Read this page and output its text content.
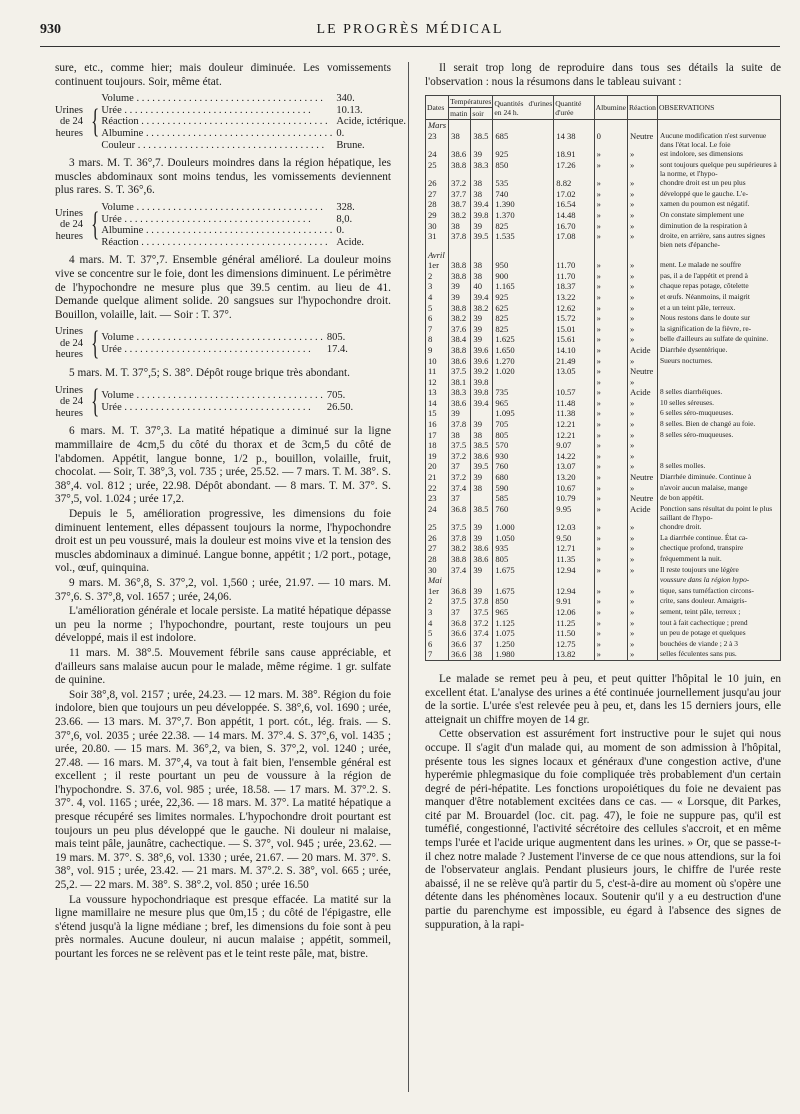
930	LE PROGRÈS MÉDICAL

sure, etc., comme hier; mais douleur diminuée. Les vomissements continuent toujours. Soir, même état.

Urines de 24 heures {
Volume . . .	340.
Urée . . .	10.13.
Réaction . . .	Acide, ictérique.
Albumine . . .	0.
Couleur . . .	Brune.

3 mars. M. T. 36°,7. Douleurs moindres dans la région hépatique, les muscles abdominaux sont moins tendus, les vomissements deviennent plus rares. S. T. 36°,6.

Urines de 24 heures { Volume . . .	328.
Urée . . .	8,0.
Albumine . . .	0.
Réaction . . .	Acide.

4 mars. M. T. 37°,7. Ensemble général amélioré. La douleur moins vive se concentre sur le foie, dont les dimensions diminuent. Le périmètre de l'hypochondre ne mesure plus que 39.5 centim. au lieu de 41. Demande quelque aliment solide. 20 sangsues sur l'hypochondre droit. Bouillon, volaille, lait. — Soir : T. 37°.

Urines de 24 heures { Volume . . .	805.
Urée . . .	17.4.

5 mars. M. T. 37°,5; S. 38°. Dépôt rouge brique très abondant.

Urines de 24 heures { Volume . . .	705.
Urée . . .	26.50.

6 mars. M. T. 37°,3. La matité hépatique a diminué sur la ligne mammillaire de 4cm,5 du côté du thorax et de 3cm,5 du côté de l'abdomen. Appétit, langue bonne, 1/2 p., bouillon, volaille, fruit, chocolat. — Soir, T. 38°,3, vol. 735 ; urée, 25.52. — 7 mars. T. M. 38°. S. 38°,4. vol. 812 ; urée, 22.98. Dépôt abondant. — 8 mars. T. M. 37°. S. 37°,5, vol. 1.024 ; urée 17,2.

Depuis le 5, amélioration progressive, les dimensions du foie diminuent lentement, elles dépassent toujours la norme, l'hypochondre droit est un peu voussuré, mais la douleur est moins vive et la tension des muscles abdominaux a diminué. Langue bonne, appétit ; 1/2 port., potage, vol., œuf, quinquina.

9 mars. M. 36°,8, S. 37°,2, vol. 1,560 ; urée, 21.97. — 10 mars. M. 37°,6. S. 37°,8, vol. 1657 ; urée, 24,06.

L'amélioration générale et locale persiste. La matité hépatique dépasse un peu la norme ; l'hypochondre, pourtant, reste toujours un peu développé, mais il est indolore.

11 mars. M. 38°.5. Mouvement fébrile sans cause appréciable, et d'ailleurs sans malaise aucun pour le malade, même régime. 1 gr. sulfate de quinine.

Soir 38°,8, vol. 2157 ; urée, 24.23. — 12 mars. M. 38°. Région du foie indolore, bien que toujours un peu développée. S. 38°,6, vol. 1690 ; urée, 23.66. — 13 mars. M. 37°,7. Bon appétit, 1 port. cót., lég. frais. — S. 37°,6, vol. 2035 ; urée 22.38. — 14 mars. M. 37°.4. S. 37°,6, vol. 1435 ; urée, 20.80. — 15 mars. M. 36°,2, va bien, S. 37°,2, vol. 1240 ; urée, 27.48. — 16 mars. M. 37°,4, va tout à fait bien, l'ensemble général est excellent ; il reste pourtant un peu de voussure à la région de l'hypochondre. S. 37.6, vol. 985 ; urée, 18.58. — 17 mars. M. 37°.2. S. 37°. 4, vol. 1165 ; urée, 22,36. — 18 mars. M. 37°. La matité hépatique a presque récupéré ses limites normales. L'hypochondre droit pourtant est toujours un peu plus développé que le gauche. Ni douleur ni malaise, mais teint pâle, jaunâtre, cachectique. — S. 37°, vol. 945 ; urée, 23.62. — 19 mars. M. 37°. S. 38°,6, vol. 1330 ; urée, 21.67. — 20 mars. M. 37°. S. 38°, vol. 915 ; urée, 23.42. — 21 mars. M. 37°.2. S. 38°, vol. 665 ; urée, 25,2. — 22 mars. M. 38°. S. 38°.2, vol. 850 ; urée 16.50

La voussure hypochondriaque est presque effacée. La matité sur la ligne mamillaire ne mesure plus que 0m,15 ; du côté de l'épigastre, elle s'étend jusqu'à la ligne médiane ; bref, les dimensions du foie sont à peu près normales. Aucune douleur, ni aucun malaise ; appétit, sommeil, pourtant les forces ne se relèvent pas et le teint reste pâle, mat, bistre.

Il serait trop long de reproduire dans tous ses détails la suite de l'observation : nous la résumons dans le tableau suivant :

Dates	Températures		Quantités d'urines en 24 h.	Quantité d'urée	Albumine	Réaction	OBSERVATIONS
	matin	soir					
Mars							
23	38	38.5	685	14 38	0	Neutre	Aucune modification n'est survenue dans l'état local. Le foie
24	38.6	39	925	18.91	»	»	est indolore, ses dimensions
25	38.8	38.3	850	17.26	»	»	sont toujours quelque peu supérieures à la norme, et l'hypo-
26	37.2	38	535	8.82	»	»	chondre droit est un peu plus
27	37.7	38	740	17.02	»	»	développé que le gauche. L'e-
28	38.7	39.4	1.390	16.54	»	»	xamen du poumon est négatif.
29	38.2	39.8	1.370	14.48	»	»	On constate simplement une
30	38	39	825	16.70	»	»	diminution de la respiration à
31	37.8	39.5	1.535	17.08	»	»	droite, en arrière, sans autres signes bien nets d'épanche-
Avril							
1er	38.8	38	950	11.70	»	»	ment. Le malade ne souffre
2	38.8	38	900	11.70	»	»	pas, il a de l'appétit et prend à
3	39	40	1.165	18.37	»	»	chaque repas potage, côtelette
4	39	39.4	925	13.22	»	»	et œufs. Néanmoins, il maigrit
5	38.8	38.2	625	12.62	»	»	et a un teint pâle, terreux.
6	38.2	39	825	15.72	»	»	Nous restons dans le doute sur
7	37.6	39	825	15.01	»	»	la signification de la fièvre, re-
8	38.4	39	1.625	15.61	»	»	belle d'ailleurs au sulfate de quinine.
9	38.8	39.6	1.650	14.10	»	Acide	Diarrhée dysentérique.
10	38.6	39.6	1.270	21.49	»	»	Sueurs nocturnes.
11	37.5	39.2	1.020	13.05	»	Neutre	
12	38.1	39.8			»	»	
13	38.3	39.8	735	10.57	»	Acide	8 selles diarrhéiques.
14	38.6	39.4	965	11.48	»	»	10 selles séreuses.
15	39		1.095	11.38	»	»	6 selles séro-muqueuses.
16	37.8	39	705	12.21	»	»	8 selles. Bien de changé au foie.
17	38	38	805	12.21	»	»	8 selles séro-muqueuses.
18	37.5	38.5	570	9.07	»	»	
19	37.2	38.6	930	14.22	»	»	
20	37	39.5	760	13.07	»	»	8 selles molles.
21	37.2	39	680	13.20	»	Neutre	Diarrhée diminuée. Continue à
22	37.4	38	590	10.67	»	»	n'avoir aucun malaise, mange
23	37		585	10.79	»	Neutre	de bon appétit.
24	36.8	38.5	760	9.95	»	Acide	Ponction sans résultat du point le plus saillant de l'hypo-
25	37.5	39	1.000	12.03	»	»	chondre droit.
26	37.8	39	1.050	9.50	»	»	La diarrhée continue. État ca-
27	38.2	38.6	935	12.71	»	»	chectique profond, transpire
28	38.8	38.6	805	11.35	»	»	fréquemment la nuit.
30	37.4	39	1.675	12.94	»	»	Il reste toujours une légère
Mai							voussure dans la région hypo-
1er	36.8	39	1.675	12.94	»	»	tique, sans tuméfaction circons-
2	37.5	37.8	850	9.91	»	»	crite, sans douleur. Amaigris-
3	37	37.5	965	12.06	»	»	sement, teint pâle, terreux ;
4	36.8	37.2	1.125	11.25	»	»	tout à fait cachectique ; prend
5	36.6	37.4	1.075	11.50	»	»	un peu de potage et quelques
6	36.6	37	1.250	12.75	»	»	bouchées de viande ; 2 à 3
7	36.6	38	1.980	13.82	»	»	selles féculentes sans pus.

Le malade se remet peu à peu, et peut quitter l'hôpital le 10 juin, en excellent état. L'analyse des urines a été continuée journellement jusqu'au jour de la sortie. L'urée s'est relevée peu à peu, et, dans les 15 derniers jours, elle atteignait un chiffre moyen de 14 gr.

Cette observation est assurément fort instructive pour le sujet qui nous occupe. Il s'agit d'un malade qui, au moment de son admission à l'hôpital, présente tous les signes locaux et généraux d'une congestion active, d'une hyperémie phlegmasique du foie compliquée très probablement d'un certain degré de péri-hépatite. Les fonctions uropoiétiques du foie ne devaient pas manquer d'être notablement excitées dans ce cas. — « Lorsque, dit Parkes, cité par M. Brouardel (loc. cit. pag. 47), le foie ne suppure pas, qu'il est tuméfié, congestionné, l'activité sécrétoire des cellules s'accroit, et en même temps l'urée et l'acide urique augmentent dans les urines. » Or, que se passe-t-il chez notre malade ? Justement l'inverse de ce que nous attendions, sur la foi de l'observateur anglais. Pendant plusieurs jours, le chiffre de l'urée reste abaissé, il ne se relève qu'à partir du 5, c'est-à-dire au moment où s'opère une détente dans les phénomènes locaux. Soutenir qu'il y a eu destruction d'une partie du parenchyme est impossible, eu égard à l'absence des signes de suppuration, à la rapi-
